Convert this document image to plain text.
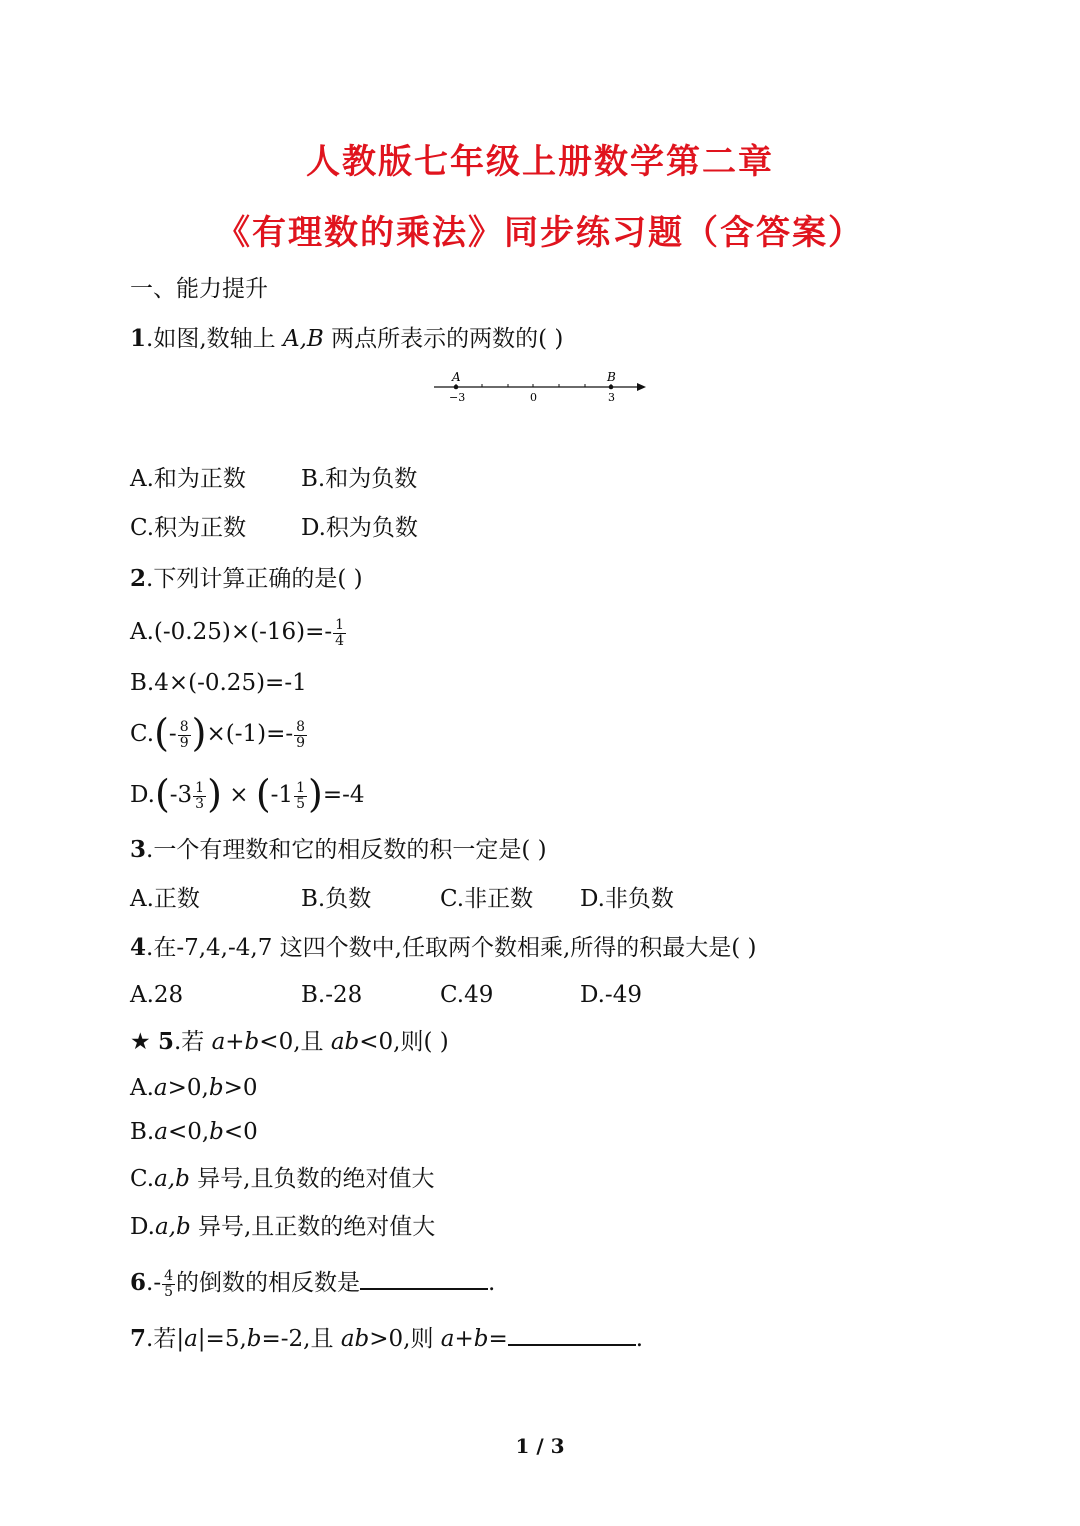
人教版七年级上册数学第二章
《有理数的乘法》同步练习题（含答案）
一、能力提升
1.如图,数轴上 A,B 两点所表示的两数的( )
A	B
−3	0	3
A.和为正数 B.和为负数
C.积为正数 D.积为负数
2.下列计算正确的是( )
$A.(-0.25)\times(-16)=- \frac{1}{4}$
B.4×(-0.25)=-1
$C.(- \frac{8}{9} )\times(-1)=- \frac{8}{9}$
$D.(-3 \frac{1}{3}$ ) × $(-1 \frac{1}{5} )=-4$
3.一个有理数和它的相反数的积一定是( )
A.正数	B.负数	C.非正数 D.非负数
4.在-7,4,-4,7 这四个数中,任取两个数相乘,所得的积最大是( )
A.28	B.-28	C.49	D.-49
★ 5.若 a+b<0,且 ab<0,则( )
A.a>0,b>0
B.a<0,b<0
C.a,b 异号,且负数的绝对值大
D.a,b 异号,且正数的绝对值大
$6.- \frac{4}{5}$ 的倒数的相反数是	.
7.若|a|=5,b=-2,且 ab>0,则 a+b=	.
1 / 3
